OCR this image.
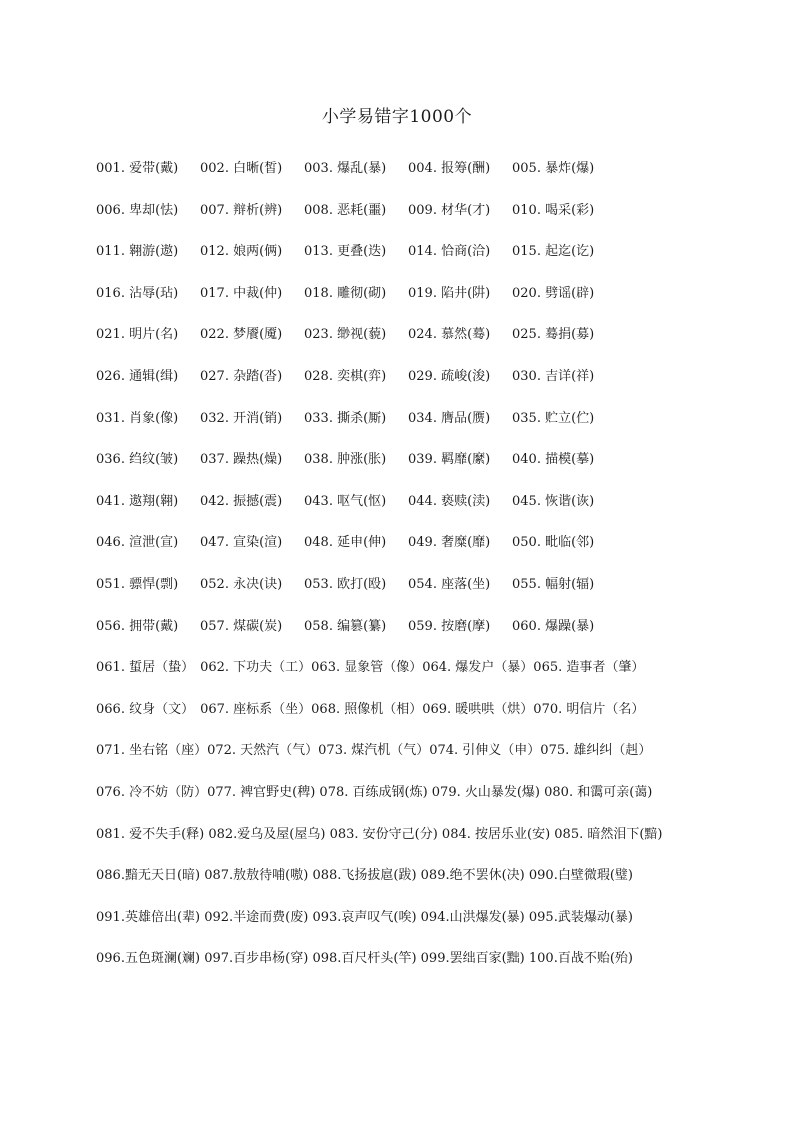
小学易错字1000个
001. 爱带(戴) 002. 白晰(皙) 003. 爆乱(暴) 004. 报筹(酬) 005. 暴炸(爆)
006. 卑却(怯) 007. 辩析(辨) 008. 恶耗(噩) 009. 材华(才) 010. 喝采(彩)
011. 翱游(遨) 012. 娘两(俩) 013. 更叠(迭) 014. 恰商(洽) 015. 起迄(讫)
016. 沾辱(玷) 017. 中裁(仲) 018. 雕彻(砌) 019. 陷井(阱) 020. 劈谣(辟)
021. 明片(名) 022. 梦餍(魇) 023. 缈视(藐) 024. 慕然(蓦) 025. 蓦捐(募)
026. 通辑(缉) 027. 杂踏(沓) 028. 奕棋(弈) 029. 疏峻(浚) 030. 吉详(祥)
031. 肖象(像) 032. 开消(销) 033. 撕杀(厮) 034. 膺品(赝) 035. 贮立(伫)
036. 绉纹(皱) 037. 躁热(燥) 038. 肿涨(胀) 039. 羁靡(縻) 040. 描模(摹)
041. 遨翔(翱) 042. 振撼(震) 043. 呕气(怄) 044. 亵赎(渎) 045. 恢谐(诙)
046. 渲泄(宣) 047. 宣染(渲) 048. 延申(伸) 049. 奢糜(靡) 050. 毗临(邻)
051. 骠悍(剽) 052. 永决(诀) 053. 欧打(殴) 054. 座落(坐) 055. 幅射(辐)
056. 拥带(戴) 057. 煤碳(炭) 058. 编篡(纂) 059. 按磨(摩) 060. 爆躁(暴)
061. 蜇居（蛰） 062. 下功夫（工）063. 显象管（像）064. 爆发户（暴）065. 造事者（肇）
066. 纹身（文） 067. 座标系（坐）068. 照像机（相）069. 暖哄哄（烘）070. 明信片（名）
071. 坐右铭（座）072. 天然汽（气）073. 煤汽机（气）074. 引伸义（申）075. 雄纠纠（赳）
076. 冷不妨（防）077. 裨官野史(稗) 078. 百练成钢(炼) 079. 火山暴发(爆) 080. 和霭可亲(蔼)
081. 爱不失手(释) 082.爱乌及屋(屋乌) 083. 安份守己(分) 084. 按居乐业(安) 085. 暗然泪下(黯)
086.黯无天日(暗) 087.敖敖待哺(嗷) 088.飞扬拔扈(跋) 089.绝不罢休(决) 090.白壁微瑕(璧)
091.英雄倍出(辈) 092.半途而费(废) 093.哀声叹气(唉) 094.山洪爆发(暴) 095.武装爆动(暴)
096.五色斑澜(斓) 097.百步串杨(穿) 098.百尺杆头(竿) 099.罢绌百家(黜) 100.百战不贻(殆)
